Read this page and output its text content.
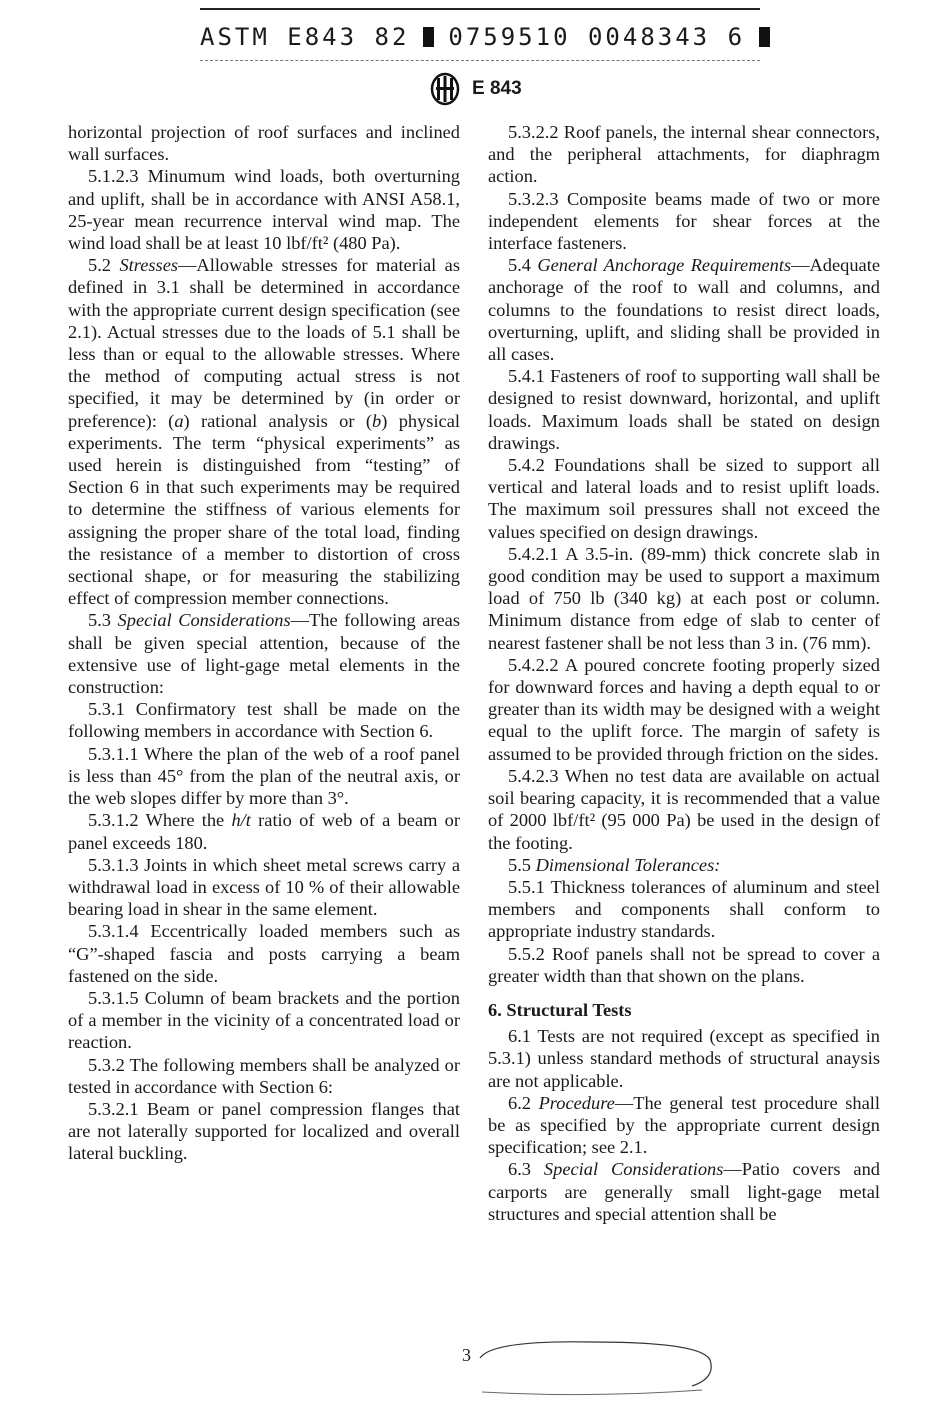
ASTM E843 82 0759510 0048343 6
E 843

horizontal projection of roof surfaces and inclined wall surfaces.

5.1.2.3 Minumum wind loads, both overturning and uplift, shall be in accordance with ANSI A58.1, 25-year mean recurrence interval wind map. The wind load shall be at least 10 lbf/ft² (480 Pa).

5.2 Stresses—Allowable stresses for material as defined in 3.1 shall be determined in accordance with the appropriate current design specification (see 2.1). Actual stresses due to the loads of 5.1 shall be less than or equal to the allowable stresses. Where the method of computing actual stress is not specified, it may be determined by (in order or preference): (a) rational analysis or (b) physical experiments. The term “physical experiments” as used herein is distinguished from “testing” of Section 6 in that such experiments may be required to determine the stiffness of various elements for assigning the proper share of the total load, finding the resistance of a member to distortion of cross sectional shape, or for measuring the stabilizing effect of compression member connections.

5.3 Special Considerations—The following areas shall be given special attention, because of the extensive use of light-gage metal elements in the construction:

5.3.1 Confirmatory test shall be made on the following members in accordance with Section 6.

5.3.1.1 Where the plan of the web of a roof panel is less than 45° from the plan of the neutral axis, or the web slopes differ by more than 3°.

5.3.1.2 Where the h/t ratio of web of a beam or panel exceeds 180.

5.3.1.3 Joints in which sheet metal screws carry a withdrawal load in excess of 10 % of their allowable bearing load in shear in the same element.

5.3.1.4 Eccentrically loaded members such as “G”-shaped fascia and posts carrying a beam fastened on the side.

5.3.1.5 Column of beam brackets and the portion of a member in the vicinity of a concentrated load or reaction.

5.3.2 The following members shall be analyzed or tested in accordance with Section 6:

5.3.2.1 Beam or panel compression flanges that are not laterally supported for localized and overall lateral buckling.

5.3.2.2 Roof panels, the internal shear connectors, and the peripheral attachments, for diaphragm action.

5.3.2.3 Composite beams made of two or more independent elements for shear forces at the interface fasteners.

5.4 General Anchorage Requirements—Adequate anchorage of the roof to wall and columns, and columns to the foundations to resist direct loads, overturning, uplift, and sliding shall be provided in all cases.

5.4.1 Fasteners of roof to supporting wall shall be designed to resist downward, horizontal, and uplift loads. Maximum loads shall be stated on design drawings.

5.4.2 Foundations shall be sized to support all vertical and lateral loads and to resist uplift loads. The maximum soil pressures shall not exceed the values specified on design drawings.

5.4.2.1 A 3.5-in. (89-mm) thick concrete slab in good condition may be used to support a maximum load of 750 lb (340 kg) at each post or column. Minimum distance from edge of slab to center of nearest fastener shall be not less than 3 in. (76 mm).

5.4.2.2 A poured concrete footing properly sized for downward forces and having a depth equal to or greater than its width may be designed with a weight equal to the uplift force. The margin of safety is assumed to be provided through friction on the sides.

5.4.2.3 When no test data are available on actual soil bearing capacity, it is recommended that a value of 2000 lbf/ft² (95 000 Pa) be used in the design of the footing.

5.5 Dimensional Tolerances:

5.5.1 Thickness tolerances of aluminum and steel members and components shall conform to appropriate industry standards.

5.5.2 Roof panels shall not be spread to cover a greater width than that shown on the plans.

6. Structural Tests

6.1 Tests are not required (except as specified in 5.3.1) unless standard methods of structural anaysis are not applicable.

6.2 Procedure—The general test procedure shall be as specified by the appropriate current design specification; see 2.1.

6.3 Special Considerations—Patio covers and carports are generally small light-gage metal structures and special attention shall be

3
